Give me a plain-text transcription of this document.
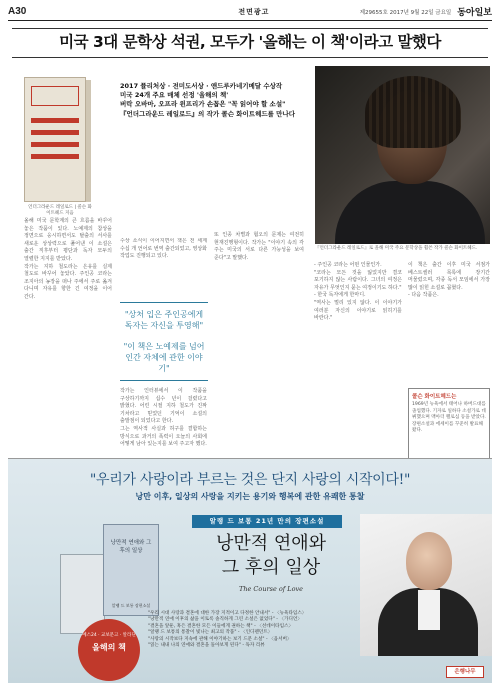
A30	전면광고	제29655호 2017년 9월 22일 금요일 동아일보
미국 3대 문학상 석권, 모두가 '올해는 이 책'이라고 말했다
언더그라운드 레일로드 | 콜슨 화이트헤드 지음
2017 퓰리처상 · 전미도서상 · 앤드루카네기메달 수상작
미국 24개 주요 매체 선정 '올해의 책'
버락 오바마, 오프라 윈프리가 손꼽은 "꼭 읽어야 할 소설"
『언더그라운드 레일로드』의 작가 콜슨 화이트헤드를 만나다
『언더그라운드 레일로드』로 올해 미국 주요 문학상을 휩쓴 작가 콜슨 화이트헤드.

올해 미국 문학계의 큰 흐름을 바꾸어 놓은 작품이 있다. 노예제의 참상을 정면으로 응시하면서도 탈출의 서사를 새로운 상상력으로 풀어낸 이 소설은 출간 직후부터 평단과 독자 모두의 열렬한 지지를 받았다.

작가는 지하 철도라는 은유를 실제 철도로 바꾸어 놓았다. 주인공 코라는 조지아의 농장을 떠나 주에서 주로 옮겨 다니며 자유를 향한 긴 여정을 이어 간다.

"상처 입은 주인공에게 독자는 자신을 투영해"
"이 책은 노예제를 넘어 인간 자체에 관한 이야기"

작가는 인터뷰에서 이 작품을 구상하기까지 십수 년이 걸렸다고 밝혔다. 어린 시절 지하 철도가 진짜 기차라고 믿었던 기억이 소설의 출발점이 되었다고 한다.

그는 역사적 사실과 허구를 결합하는 방식으로 과거의 폭력이 오늘의 사회에 어떻게 남아 있는지를 보여 주고자 했다.

수상 소식이 이어지면서 책은 전 세계 수십 개 언어로 번역 출간되었고, 영상화 작업도 진행되고 있다.

또 인종 차별과 혐오의 문제는 여전히 현재진행형이다. 작가는 "이야기 속의 각 주는 미국의 서로 다른 가능성을 보여 준다"고 말했다.

- 주인공 코라는 어떤 인물인가.

"코라는 모든 것을 잃었지만 결코 포기하지 않는 사람이다. 그녀의 여정은 자유가 무엇인지 묻는 여정이기도 하다."

- 한국 독자에게 한마디.

"역사는 멀리 있지 않다. 이 이야기가 여러분 자신의 이야기로 읽히기를 바란다."

이 책은 출간 이후 미국 서점가 베스트셀러 목록에 장기간 머물렀으며, 각종 독서 모임에서 가장 많이 읽힌 소설로 꼽혔다.

- 다음 작품은.

콜슨 화이트헤드는
1969년 뉴욕에서 태어나 하버드대를 졸업했다. 기자로 일하다 소설가로 데뷔했으며 맥아더 펠로십 등을 받았다. 장편소설과 에세이를 꾸준히 발표해 왔다.
"우리가 사랑이라 부르는 것은 단지 사랑의 시작이다!"
낭만 이후, 일상의 사랑을 지키는 용기와 행복에 관한 유쾌한 통찰
낭만적 연애와 그 후의 일상
알랭 드 보통 장편소설
예스24 · 교보문고 · 알라딘
올해의 책
알랭 드 보통 21년 만의 장편소설
낭만적 연애와
그 후의 일상
The Course of Love
"우리 시대 사랑과 결혼에 대한 가장 지적이고 다정한 안내서" - 〈뉴욕타임스〉
"낭만적 연애 이후의 삶을 이토록 솔직하게 그린 소설은 없었다" - 〈가디언〉
"결혼을 앞둔, 혹은 결혼한 모든 이들에게 권하는 책" - 〈선데이타임스〉
"알랭 드 보통의 통찰이 빛나는 최고의 작품" - 〈인디펜던트〉
"사랑의 시작보다 지속에 관해 이야기하는 보기 드문 소설" - 〈옵서버〉
"읽는 내내 나의 연애와 결혼을 돌아보게 된다" - 독자 리뷰
은행나무
